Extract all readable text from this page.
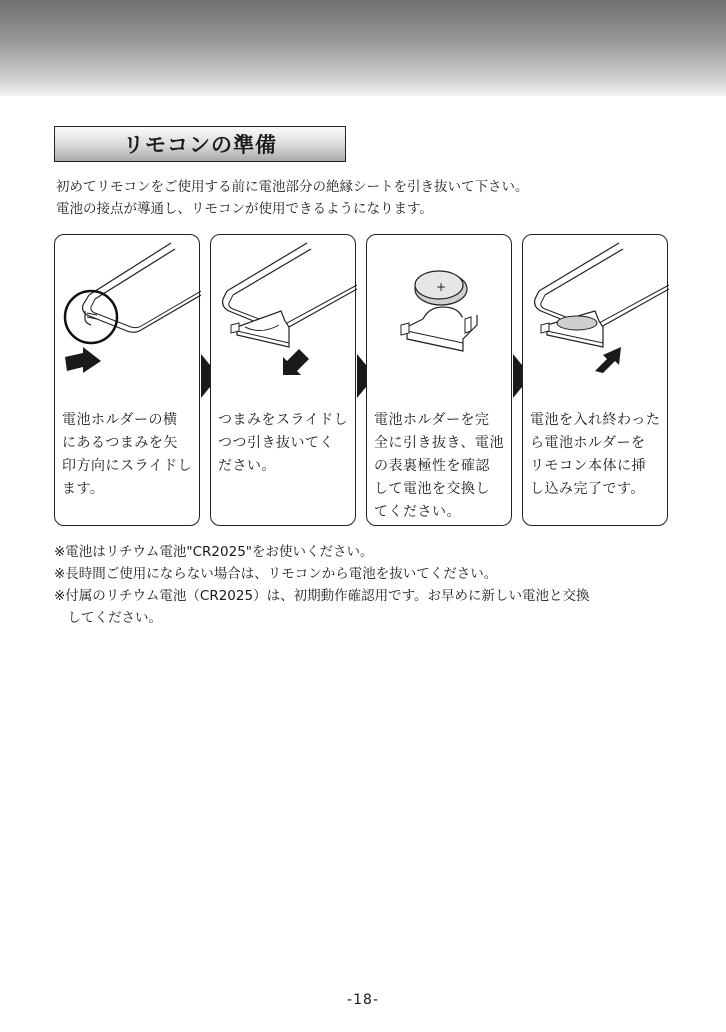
リモコンの準備
初めてリモコンをご使用する前に電池部分の絶縁シートを引き抜いて下さい。
電池の接点が導通し、リモコンが使用できるようになります。
電池ホルダーの横
にあるつまみを矢
印方向にスライドし
ます。
つまみをスライドし
つつ引き抜いてく
ださい。
+
電池ホルダーを完
全に引き抜き、電池
の表裏極性を確認
して電池を交換し
てください。
電池を入れ終わった
ら電池ホルダーを
リモコン本体に挿
し込み完了です。
※電池はリチウム電池"CR2025"をお使いください。
※長時間ご使用にならない場合は、リモコンから電池を抜いてください。
※付属のリチウム電池（CR2025）は、初期動作確認用です。お早めに新しい電池と交換
　してください。
-18-
